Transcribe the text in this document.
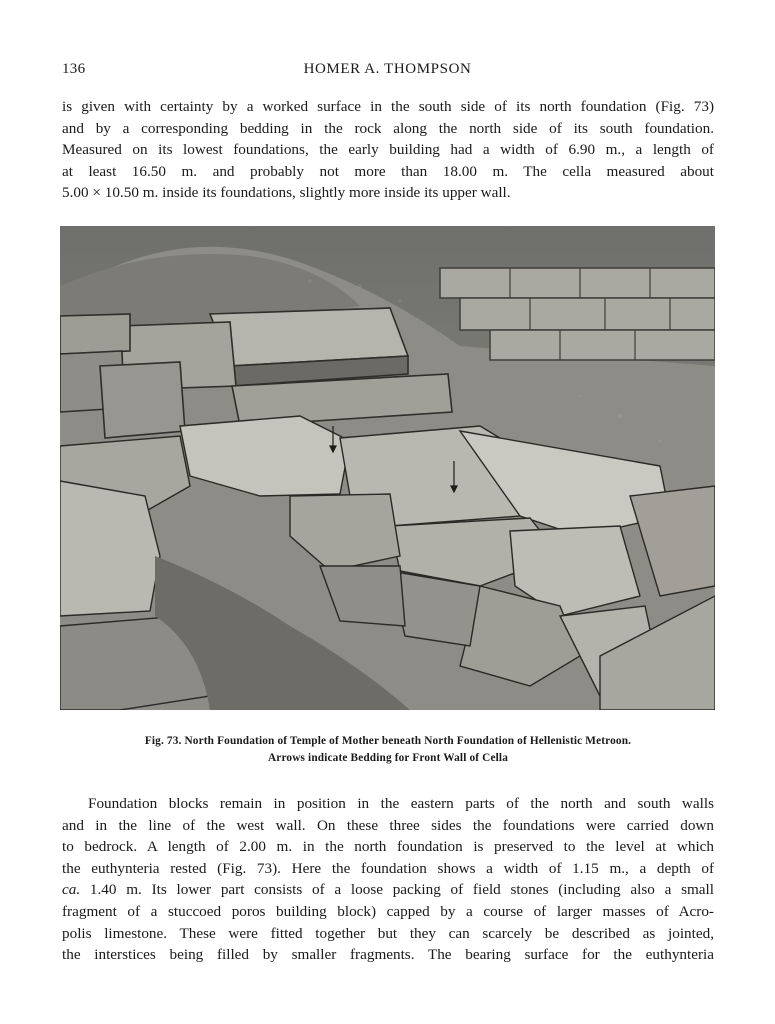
136	HOMER A. THOMPSON
is given with certainty by a worked surface in the south side of its north foundation (Fig. 73)
and by a corresponding bedding in the rock along the north side of its south foundation.
Measured on its lowest foundations, the early building had a width of 6.90 m., a length of
at least 16.50 m. and probably not more than 18.00 m. The cella measured about
5.00 × 10.50 m. inside its foundations, slightly more inside its upper wall.
Fig. 73. North Foundation of Temple of Mother beneath North Foundation of Hellenistic Metroon.
Arrows indicate Bedding for Front Wall of Cella
Foundation blocks remain in position in the eastern parts of the north and south walls
and in the line of the west wall. On these three sides the foundations were carried down
to bedrock. A length of 2.00 m. in the north foundation is preserved to the level at which
the euthynteria rested (Fig. 73). Here the foundation shows a width of 1.15 m., a depth of
ca. 1.40 m. Its lower part consists of a loose packing of field stones (including also a small
fragment of a stuccoed poros building block) capped by a course of larger masses of Acro-
polis limestone. These were fitted together but they can scarcely be described as jointed,
the interstices being filled by smaller fragments. The bearing surface for the euthynteria
